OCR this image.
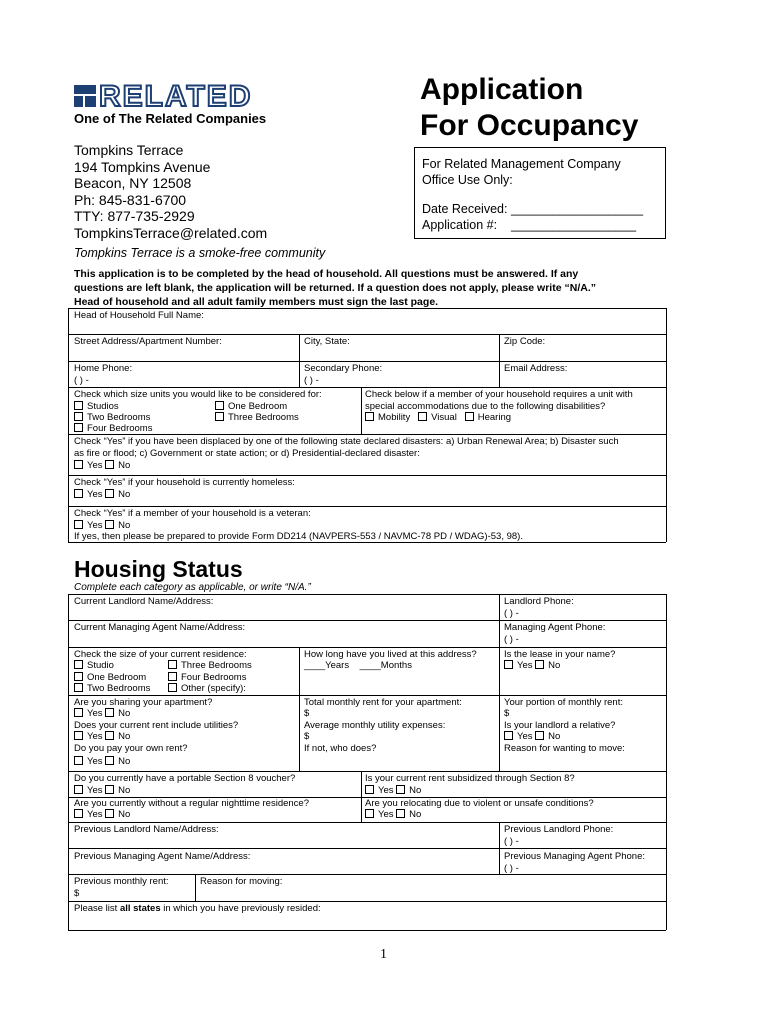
RELATED
One of The Related Companies
Application
For Occupancy
Tompkins Terrace
194 Tompkins Avenue
Beacon, NY 12508
Ph: 845-831-6700
TTY: 877-735-2929
TompkinsTerrace@related.com
For Related Management Company
Office Use Only:
Date Received: ___________________
Application #: __________________
Tompkins Terrace is a smoke-free community
This application is to be completed by the head of household. All questions must be answered. If any
questions are left blank, the application will be returned. If a question does not apply, please write “N/A.”
Head of household and all adult family members must sign the last page.
Head of Household Full Name:
Street Address/Apartment Number:	City, State:	Zip Code:
Home Phone:
( ) -
Secondary Phone:
( ) -
Email Address:
Check which size units you would like to be considered for:
Studios	One Bedroom
Two Bedrooms	Three Bedrooms
Four Bedrooms
Check below if a member of your household requires a unit with
special accommodations due to the following disabilities?
Mobility Visual Hearing
Check “Yes” if you have been displaced by one of the following state declared disasters: a) Urban Renewal Area; b) Disaster such
as fire or flood; c) Government or state action; or d) Presidential-declared disaster:
Yes No
Check “Yes” if your household is currently homeless:
Yes No
Check “Yes” if a member of your household is a veteran:
Yes No
If yes, then please be prepared to provide Form DD214 (NAVPERS-553 / NAVMC-78 PD / WDAG)-53, 98).
Housing Status
Complete each category as applicable, or write “N/A.”
Current Landlord Name/Address:	Landlord Phone:
( ) -
Current Managing Agent Name/Address:	Managing Agent Phone:
( ) -
Check the size of your current residence:
Studio	Three Bedrooms
One Bedroom	Four Bedrooms
Two Bedrooms	Other (specify):
How long have you lived at this address?
____Years ____Months
Is the lease in your name?
Yes No
Are you sharing your apartment?
Yes No
Does your current rent include utilities?
Yes No
Do you pay your own rent?
Yes No
Total monthly rent for your apartment:
$
Average monthly utility expenses:
$
If not, who does?
Your portion of monthly rent:
$
Is your landlord a relative?
Yes No
Reason for wanting to move:
Do you currently have a portable Section 8 voucher?
Yes No
Is your current rent subsidized through Section 8?
Yes No
Are you currently without a regular nighttime residence?
Yes No
Are you relocating due to violent or unsafe conditions?
Yes No
Previous Landlord Name/Address:	Previous Landlord Phone:
( ) -
Previous Managing Agent Name/Address:	Previous Managing Agent Phone:
( ) -
Previous monthly rent:
$
Reason for moving:
Please list all states in which you have previously resided:
1
